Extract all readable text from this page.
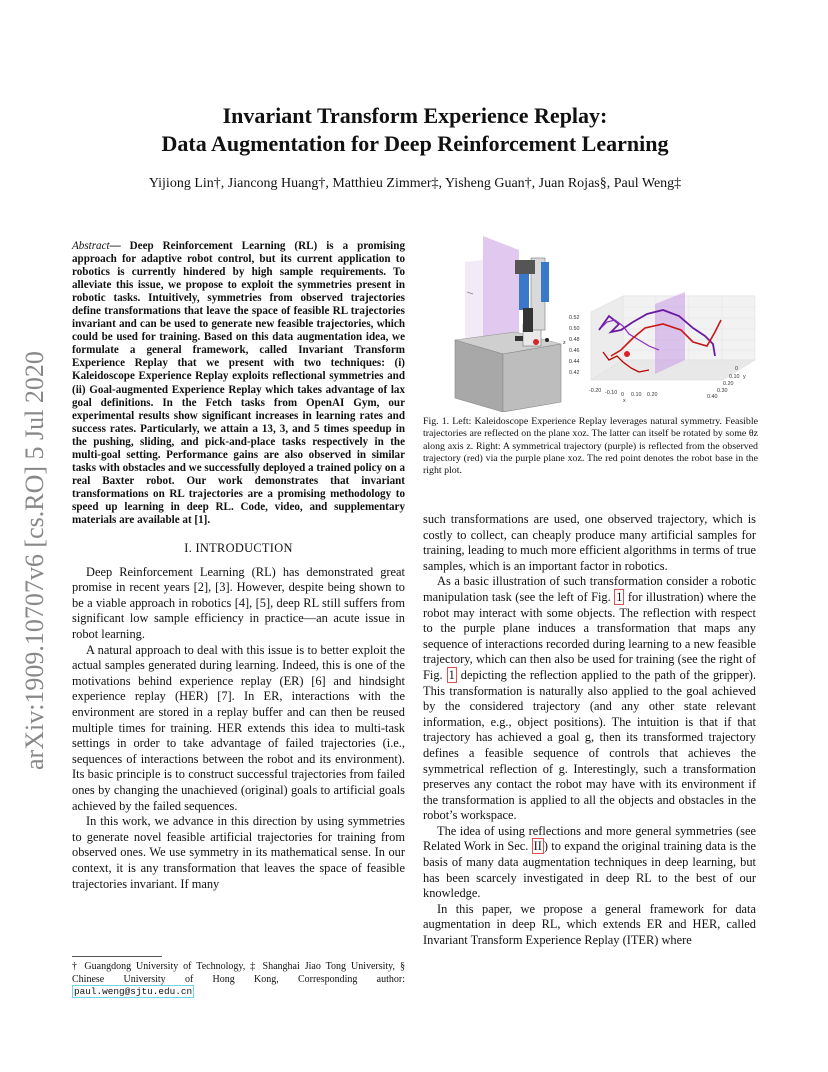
arXiv:1909.10707v6 [cs.RO] 5 Jul 2020
Invariant Transform Experience Replay:
Data Augmentation for Deep Reinforcement Learning
Yijiong Lin†, Jiancong Huang†, Matthieu Zimmer‡, Yisheng Guan†, Juan Rojas§, Paul Weng‡

Abstract— Deep Reinforcement Learning (RL) is a promising approach for adaptive robot control, but its current application to robotics is currently hindered by high sample requirements. To alleviate this issue, we propose to exploit the symmetries present in robotic tasks. Intuitively, symmetries from observed trajectories define transformations that leave the space of feasible RL trajectories invariant and can be used to generate new feasible trajectories, which could be used for training. Based on this data augmentation idea, we formulate a general framework, called Invariant Transform Experience Replay that we present with two techniques: (i) Kaleidoscope Experience Replay exploits reflectional symmetries and (ii) Goal-augmented Experience Replay which takes advantage of lax goal definitions. In the Fetch tasks from OpenAI Gym, our experimental results show significant increases in learning rates and success rates. Particularly, we attain a 13, 3, and 5 times speedup in the pushing, sliding, and pick-and-place tasks respectively in the multi-goal setting. Performance gains are also observed in similar tasks with obstacles and we successfully deployed a trained policy on a real Baxter robot. Our work demonstrates that invariant transformations on RL trajectories are a promising methodology to speed up learning in deep RL. Code, video, and supplementary materials are available at [1].

I. INTRODUCTION

Deep Reinforcement Learning (RL) has demonstrated great promise in recent years [2], [3]. However, despite being shown to be a viable approach in robotics [4], [5], deep RL still suffers from significant low sample efficiency in practice—an acute issue in robot learning.

A natural approach to deal with this issue is to better exploit the actual samples generated during learning. Indeed, this is one of the motivations behind experience replay (ER) [6] and hindsight experience replay (HER) [7]. In ER, interactions with the environment are stored in a replay buffer and can then be reused multiple times for training. HER extends this idea to multi-task settings in order to take advantage of failed trajectories (i.e., sequences of interactions between the robot and its environment). Its basic principle is to construct successful trajectories from failed ones by changing the unachieved (original) goals to artificial goals achieved by the failed sequences.

In this work, we advance in this direction by using symmetries to generate novel feasible artificial trajectories for training from observed ones. We use symmetry in its mathematical sense. In our context, it is any transformation that leaves the space of feasible trajectories invariant. If many

† Guangdong University of Technology, ‡ Shanghai Jiao Tong University, § Chinese University of Hong Kong, Corresponding author: paul.weng@sjtu.edu.cn
0.52
0.50
0.48
0.46
0.44
0.42
z
-0.20 -0.10 0 0.10 0.20
x
0
0.10
0.20
0.30
0.40
y
Fig. 1. Left: Kaleidoscope Experience Replay leverages natural symmetry. Feasible trajectories are reflected on the plane xoz. The latter can itself be rotated by some θz along axis z. Right: A symmetrical trajectory (purple) is reflected from the observed trajectory (red) via the purple plane xoz. The red point denotes the robot base in the right plot.

such transformations are used, one observed trajectory, which is costly to collect, can cheaply produce many artificial samples for training, leading to much more efficient algorithms in terms of true samples, which is an important factor in robotics.

As a basic illustration of such transformation consider a robotic manipulation task (see the left of Fig. 1 for illustration) where the robot may interact with some objects. The reflection with respect to the purple plane induces a transformation that maps any sequence of interactions recorded during learning to a new feasible trajectory, which can then also be used for training (see the right of Fig. 1 depicting the reflection applied to the path of the gripper). This transformation is naturally also applied to the goal achieved by the considered trajectory (and any other state relevant information, e.g., object positions). The intuition is that if that trajectory has achieved a goal g, then its transformed trajectory defines a feasible sequence of controls that achieves the symmetrical reflection of g. Interestingly, such a transformation preserves any contact the robot may have with its environment if the transformation is applied to all the objects and obstacles in the robot’s workspace.

The idea of using reflections and more general symmetries (see Related Work in Sec. II ) to expand the original training data is the basis of many data augmentation techniques in deep learning, but has been scarcely investigated in deep RL to the best of our knowledge.

In this paper, we propose a general framework for data augmentation in deep RL, which extends ER and HER, called Invariant Transform Experience Replay (ITER) where
